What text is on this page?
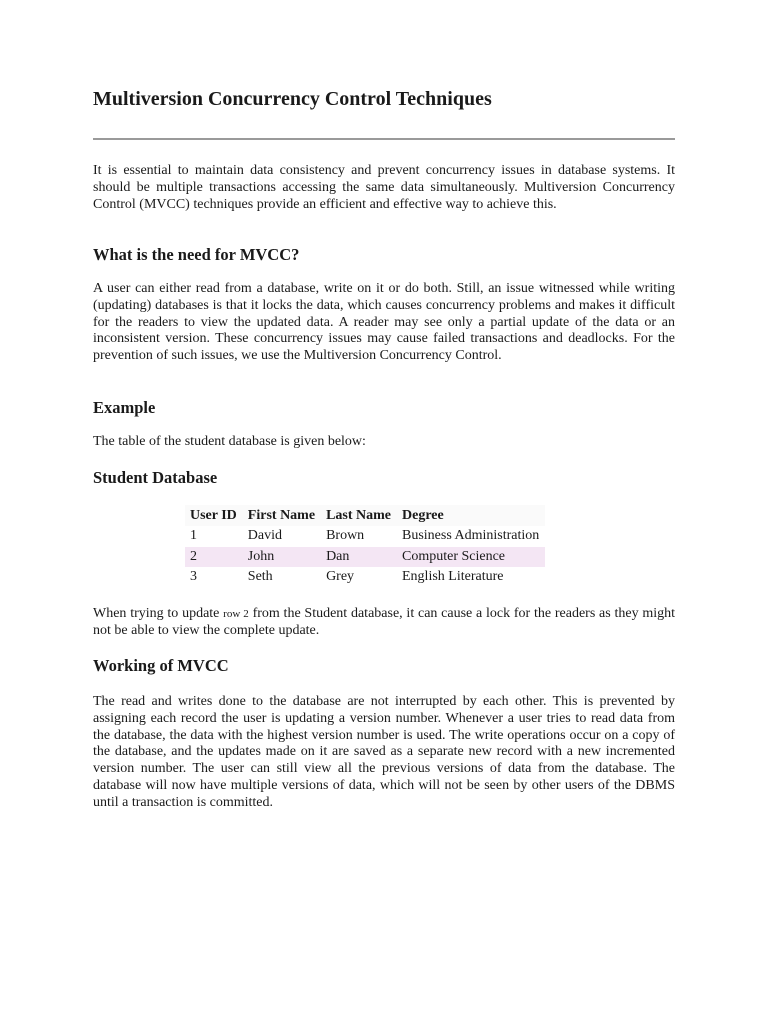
Multiversion Concurrency Control Techniques

It is essential to maintain data consistency and prevent concurrency issues in database systems. It should be multiple transactions accessing the same data simultaneously. Multiversion Concurrency Control (MVCC) techniques provide an efficient and effective way to achieve this.

What is the need for MVCC?

A user can either read from a database, write on it or do both. Still, an issue witnessed while writing (updating) databases is that it locks the data, which causes concurrency problems and makes it difficult for the readers to view the updated data. A reader may see only a partial update of the data or an inconsistent version. These concurrency issues may cause failed transactions and deadlocks. For the prevention of such issues, we use the Multiversion Concurrency Control.

Example

The table of the student database is given below:

Student Database
User ID	First Name	Last Name	Degree
1	David	Brown	Business Administration
2	John	Dan	Computer Science
3	Seth	Grey	English Literature

When trying to update row 2 from the Student database, it can cause a lock for the readers as they might not be able to view the complete update.

Working of MVCC

The read and writes done to the database are not interrupted by each other. This is prevented by assigning each record the user is updating a version number. Whenever a user tries to read data from the database, the data with the highest version number is used. The write operations occur on a copy of the database, and the updates made on it are saved as a separate new record with a new incremented version number. The user can still view all the previous versions of data from the database. The database will now have multiple versions of data, which will not be seen by other users of the DBMS until a transaction is committed.
